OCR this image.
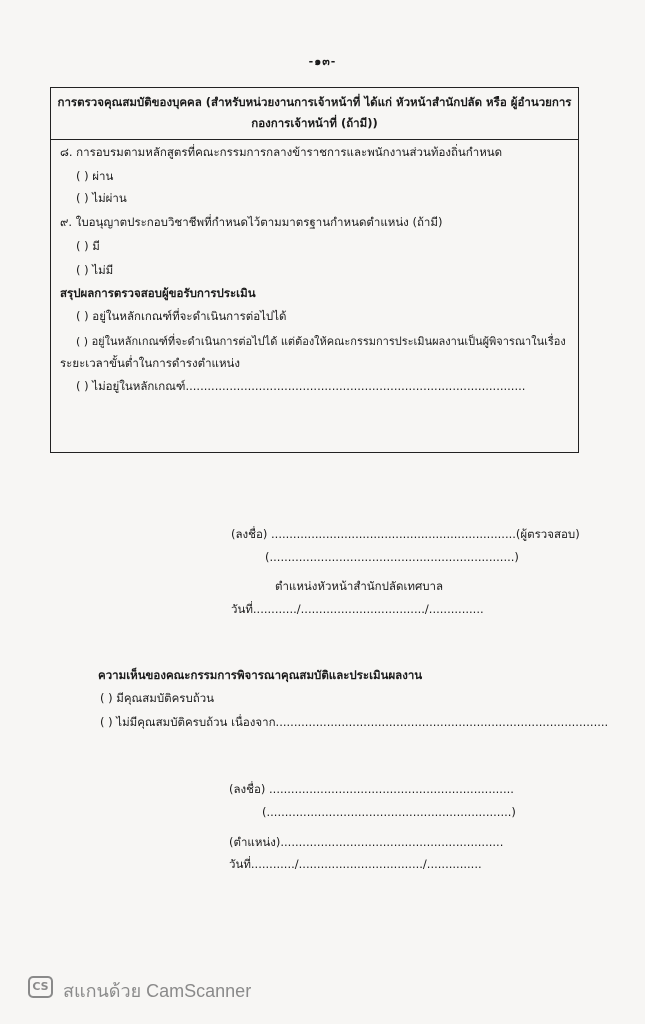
-๑๓-
การตรวจคุณสมบัติของบุคคล (สำหรับหน่วยงานการเจ้าหน้าที่ ได้แก่ หัวหน้าสำนักปลัด หรือ ผู้อำนวยการ
กองการเจ้าหน้าที่ (ถ้ามี))
๘. การอบรมตามหลักสูตรที่คณะกรรมการกลางข้าราชการและพนักงานส่วนท้องถิ่นกำหนด
( ) ผ่าน
( ) ไม่ผ่าน
๙. ใบอนุญาตประกอบวิชาชีพที่กำหนดไว้ตามมาตรฐานกำหนดตำแหน่ง (ถ้ามี)
( ) มี
( ) ไม่มี
สรุปผลการตรวจสอบผู้ขอรับการประเมิน
( ) อยู่ในหลักเกณฑ์ที่จะดำเนินการต่อไปได้
( ) อยู่ในหลักเกณฑ์ที่จะดำเนินการต่อไปได้ แต่ต้องให้คณะกรรมการประเมินผลงานเป็นผู้พิจารณาในเรื่อง
ระยะเวลาขั้นต่ำในการดำรงตำแหน่ง
( ) ไม่อยู่ในหลักเกณฑ์.............................................................................................
(ลงชื่อ) ...................................................................(ผู้ตรวจสอบ)
(...................................................................)
ตำแหน่งหัวหน้าสำนักปลัดเทศบาล
วันที่............/................................../...............
ความเห็นของคณะกรรมการพิจารณาคุณสมบัติและประเมินผลงาน
( ) มีคุณสมบัติครบถ้วน
( ) ไม่มีคุณสมบัติครบถ้วน เนื่องจาก...........................................................................................
(ลงชื่อ) ...................................................................
(...................................................................)
(ตำแหน่ง).............................................................
วันที่............/................................../...............
CS สแกนด้วย CamScanner
